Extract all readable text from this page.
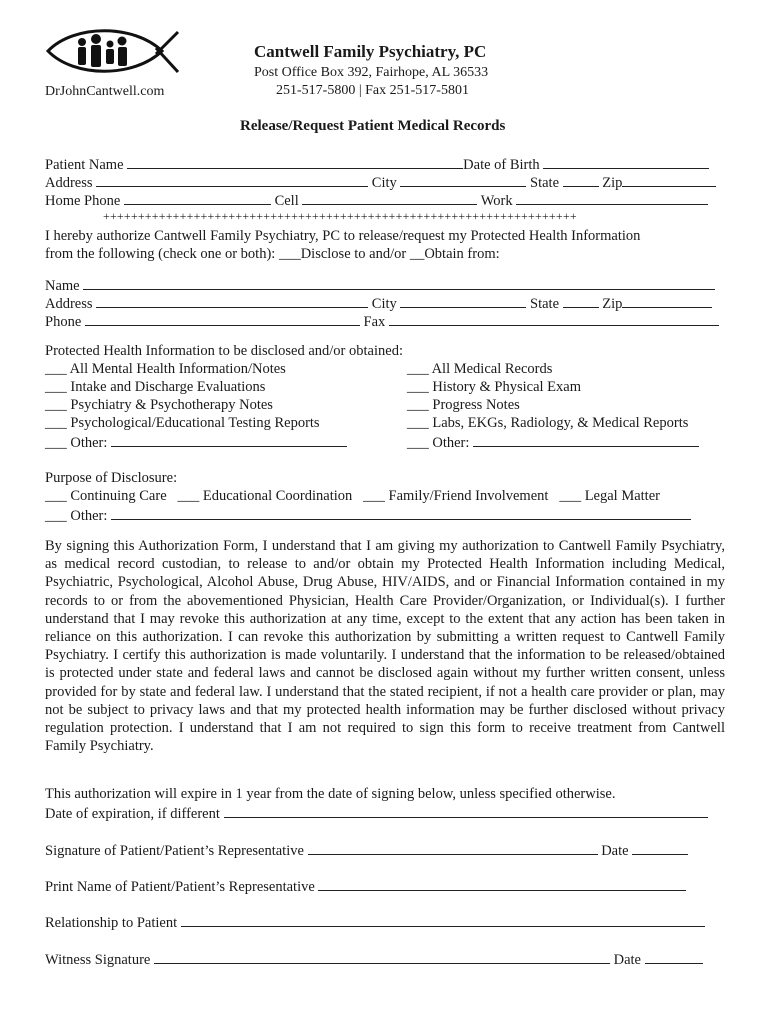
DrJohnCantwell.com
Cantwell Family Psychiatry, PC
Post Office Box 392, Fairhope, AL 36533
251-517-5800 | Fax 251-517-5801
Release/Request Patient Medical Records
Patient Name	Date of Birth
Address	City	State	Zip
Home Phone	Cell	Work
++++++++++++++++++++++++++++++++++++++++++++++++++++++++++++++++++++
I hereby authorize Cantwell Family Psychiatry, PC to release/request my Protected Health Information
from the following (check one or both): ___Disclose to and/or __Obtain from:
Name
Address	City	State	Zip
Phone	Fax
Protected Health Information to be disclosed and/or obtained:
___ All Mental Health Information/Notes
___ Intake and Discharge Evaluations
___ Psychiatry & Psychotherapy Notes
___ Psychological/Educational Testing Reports
___ Other:
___ All Medical Records
___ History & Physical Exam
___ Progress Notes
___ Labs, EKGs, Radiology, & Medical Reports
___ Other:
Purpose of Disclosure:
___ Continuing Care ___ Educational Coordination ___ Family/Friend Involvement ___ Legal Matter
___ Other:
By signing this Authorization Form, I understand that I am giving my authorization to Cantwell Family Psychiatry, as medical record custodian, to release to and/or obtain my Protected Health Information including Medical, Psychiatric, Psychological, Alcohol Abuse, Drug Abuse, HIV/AIDS, and or Financial Information contained in my records to or from the abovementioned Physician, Health Care Provider/Organization, or Individual(s). I further understand that I may revoke this authorization at any time, except to the extent that any action has been taken in reliance on this authorization. I can revoke this authorization by submitting a written request to Cantwell Family Psychiatry. I certify this authorization is made voluntarily. I understand that the information to be released/obtained is protected under state and federal laws and cannot be disclosed again without my further written consent, unless provided for by state and federal law. I understand that the stated recipient, if not a health care provider or plan, may not be subject to privacy laws and that my protected health information may be further disclosed without privacy regulation protection. I understand that I am not required to sign this form to receive treatment from Cantwell Family Psychiatry.
This authorization will expire in 1 year from the date of signing below, unless specified otherwise.
Date of expiration, if different
Signature of Patient/Patient’s Representative	Date
Print Name of Patient/Patient’s Representative
Relationship to Patient
Witness Signature	Date
